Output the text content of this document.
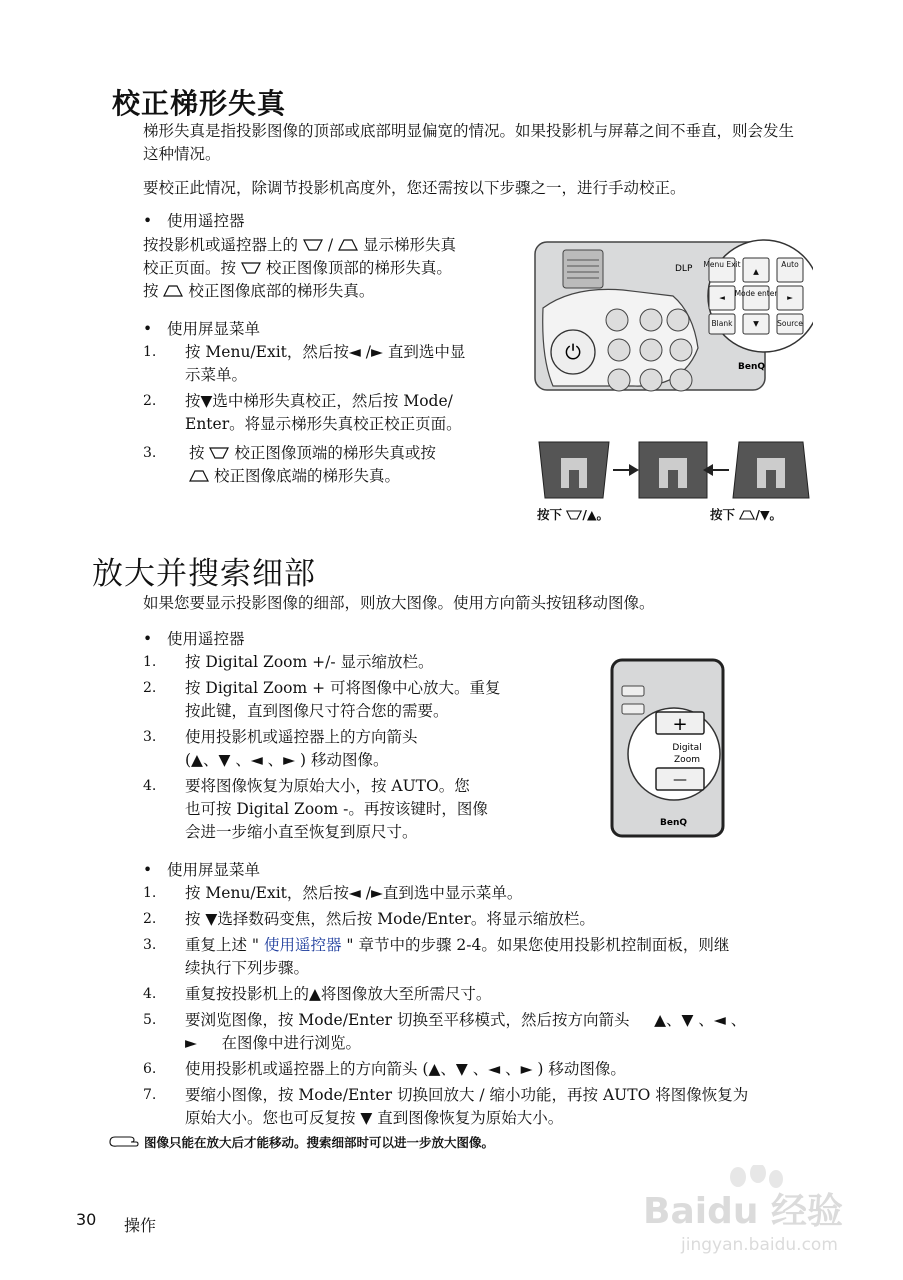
校正梯形失真
梯形失真是指投影图像的顶部或底部明显偏宽的情况。如果投影机与屏幕之间不垂直，则会发生这种情况。
要校正此情况，除调节投影机高度外，您还需按以下步骤之一，进行手动校正。
•   使用遥控器
按投影机或遥控器上的  /  显示梯形失真
校正页面。按 校正图像顶部的梯形失真。
按 校正图像底部的梯形失真。
•   使用屏显菜单
1.	按 Menu/Exit，然后按◄ /► 直到选中显
示菜单。
2.	按▼选中梯形失真校正，然后按 Mode/
Enter。将显示梯形失真校正校正页面。
3.	按 校正图像顶端的梯形失真或按
校正图像底端的梯形失真。
⏻
DLP
BenQ
Menu Exit
▲
Auto
◄ Mode enter ►
Blank	▼ Source
按下 /▲。	按下 /▼。
放大并搜索细部
如果您要显示投影图像的细部，则放大图像。使用方向箭头按钮移动图像。
•   使用遥控器
1.	按 Digital Zoom +/- 显示缩放栏。
2.	按 Digital Zoom + 可将图像中心放大。重复
按此键，直到图像尺寸符合您的需要。
3.	使用投影机或遥控器上的方向箭头
(▲、▼ 、◄ 、► ) 移动图像。
4.	要将图像恢复为原始大小，按 AUTO。您
也可按 Digital Zoom -。再按该键时，图像
会进一步缩小直至恢复到原尺寸。
+
Digital
Zoom
—
BenQ
•   使用屏显菜单
1.	按 Menu/Exit，然后按◄ /►直到选中显示菜单。
2.	按 ▼选择数码变焦，然后按 Mode/Enter。将显示缩放栏。
3.	重复上述 " 使用遥控器 " 章节中的步骤 2-4。如果您使用投影机控制面板，则继
续执行下列步骤。
4.	重复按投影机上的▲将图像放大至所需尺寸。
5.	要浏览图像，按 Mode/Enter 切换至平移模式，然后按方向箭头     ▲、▼ 、◄ 、
►     在图像中进行浏览。
6.	使用投影机或遥控器上的方向箭头 (▲、▼ 、◄ 、► ) 移动图像。
7.	要缩小图像，按 Mode/Enter 切换回放大 / 缩小功能，再按 AUTO 将图像恢复为
原始大小。您也可反复按 ▼ 直到图像恢复为原始大小。
图像只能在放大后才能移动。搜索细部时可以进一步放大图像。
30 操作	Baidu 经验
jingyan.baidu.com
